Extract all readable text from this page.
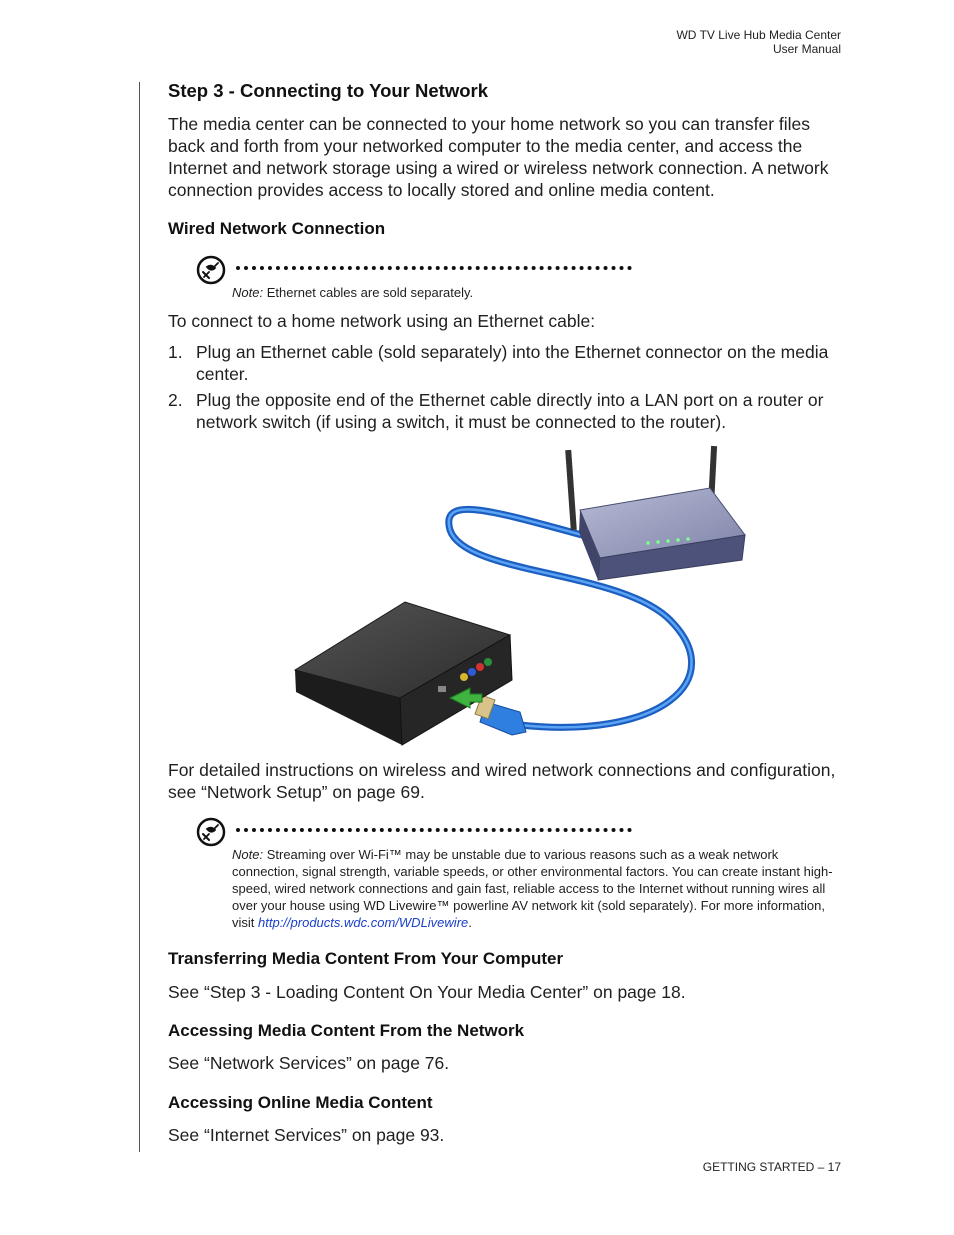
WD TV Live Hub Media Center
User Manual
Step 3 - Connecting to Your Network
The media center can be connected to your home network so you can transfer files back and forth from your networked computer to the media center, and access the Internet and network storage using a wired or wireless network connection. A network connection provides access to locally stored and online media content.
Wired Network Connection
Note: Ethernet cables are sold separately.
To connect to a home network using an Ethernet cable:
1. Plug an Ethernet cable (sold separately) into the Ethernet connector on the media center.
2. Plug the opposite end of the Ethernet cable directly into a LAN port on a router or network switch (if using a switch, it must be connected to the router).
For detailed instructions on wireless and wired network connections and configuration, see “Network Setup” on page 69.
Note: Streaming over Wi-Fi™ may be unstable due to various reasons such as a weak network connection, signal strength, variable speeds, or other environmental factors. You can create instant high-speed, wired network connections and gain fast, reliable access to the Internet without running wires all over your house using WD Livewire™ powerline AV network kit (sold separately). For more information, visit http://products.wdc.com/WDLivewire.
Transferring Media Content From Your Computer
See “Step 3 - Loading Content On Your Media Center” on page 18.
Accessing Media Content From the Network
See “Network Services” on page 76.
Accessing Online Media Content
See “Internet Services” on page 93.
GETTING STARTED – 17
